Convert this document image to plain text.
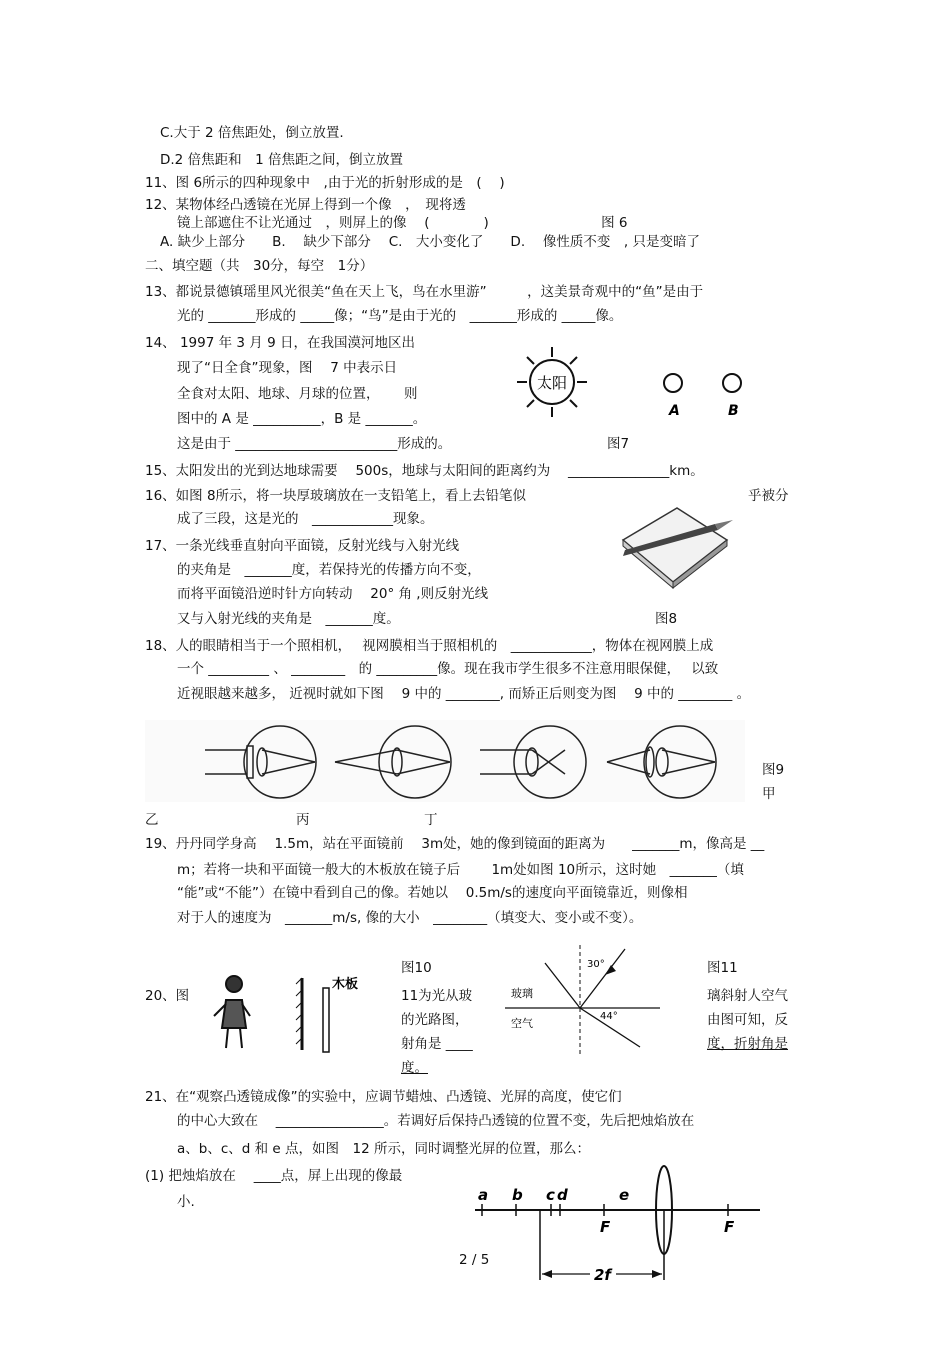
C.大于 2 倍焦距处，倒立放置.
D.2 倍焦距和　1 倍焦距之间，倒立放置
11、图 6所示的四种现象中　,由于光的折射形成的是　(　 )
12、某物体经凸透镜在光屏上得到一个像　，　现将透
镜上部遮住不让光通过　，则屏上的像　 (　　　　)　　　　　　　　 图 6
A. 缺少上部分　　B.　 缺少下部分　 C.　大小变化了　　D.　 像性质不变　, 只是变暗了
二、填空题（共　30分，每空　1分）
13、都说景德镇瑶里风光很美“鱼在天上飞，鸟在水里游”　　　，这美景奇观中的“鱼”是由于
光的 _______形成的 _____像；“鸟”是由于光的　_______形成的 _____像。
14、 1997 年 3 月 9 日，在我国漠河地区出
现了“日全食”现象，图　 7 中表示日
全食对太阳、地球、月球的位置，　　 则
图中的 A 是 __________，B 是 _______。
这是由于 ________________________形成的。
15、太阳发出的光到达地球需要　 500s，地球与太阳间的距离约为　 _______________km。
16、如图 8所示，将一块厚玻璃放在一支铅笔上，看上去铅笔似
成了三段，这是光的　____________现象。
17、一条光线垂直射向平面镜，反射光线与入射光线
的夹角是　_______度，若保持光的传播方向不变，
而将平面镜沿逆时针方向转动　 20° 角 ,则反射光线
又与入射光线的夹角是　_______度。
18、人的眼睛相当于一个照相机，　 视网膜相当于照相机的　____________，物体在视网膜上成
一个 _________ 、 ________　的 _________像。现在我市学生很多不注意用眼保健，　 以致
近视眼越来越多， 近视时就如下图　 9 中的 ________, 而矫正后则变为图　 9 中的 ________ 。
19、丹丹同学身高　 1.5m，站在平面镜前　 3m处，她的像到镜面的距离为　　_______m，像高是 __
m；若将一块和平面镜一般大的木板放在镜子后　　 1m处如图 10所示，这时她　_______（填
“能”或“不能”）在镜中看到自己的像。若她以　 0.5m/s的速度向平面镜靠近，则像相
对于人的速度为　_______m/s, 像的大小　________（填变大、变小或不变）。
21、在“观察凸透镜成像”的实验中，应调节蜡烛、凸透镜、光屏的高度，使它们
的中心大致在　 ________________。若调好后保持凸透镜的位置不变，先后把烛焰放在
a、b、c、d 和 e 点，如图　12 所示，同时调整光屏的位置，那么：
(1) 把烛焰放在　 ____点，屏上出现的像最
小.
图7
乎被分
图8
图9
甲
乙	丙	丁
20、图
图10
11为光从玻
的光路图，
射角是 ____
度。
图11
璃斜射人空气
由图可知，反
度，折射角是
2 / 5
太阳
A	B
木板
玻璃
空气
30°
44°
a b c d	e
F	F
2f
